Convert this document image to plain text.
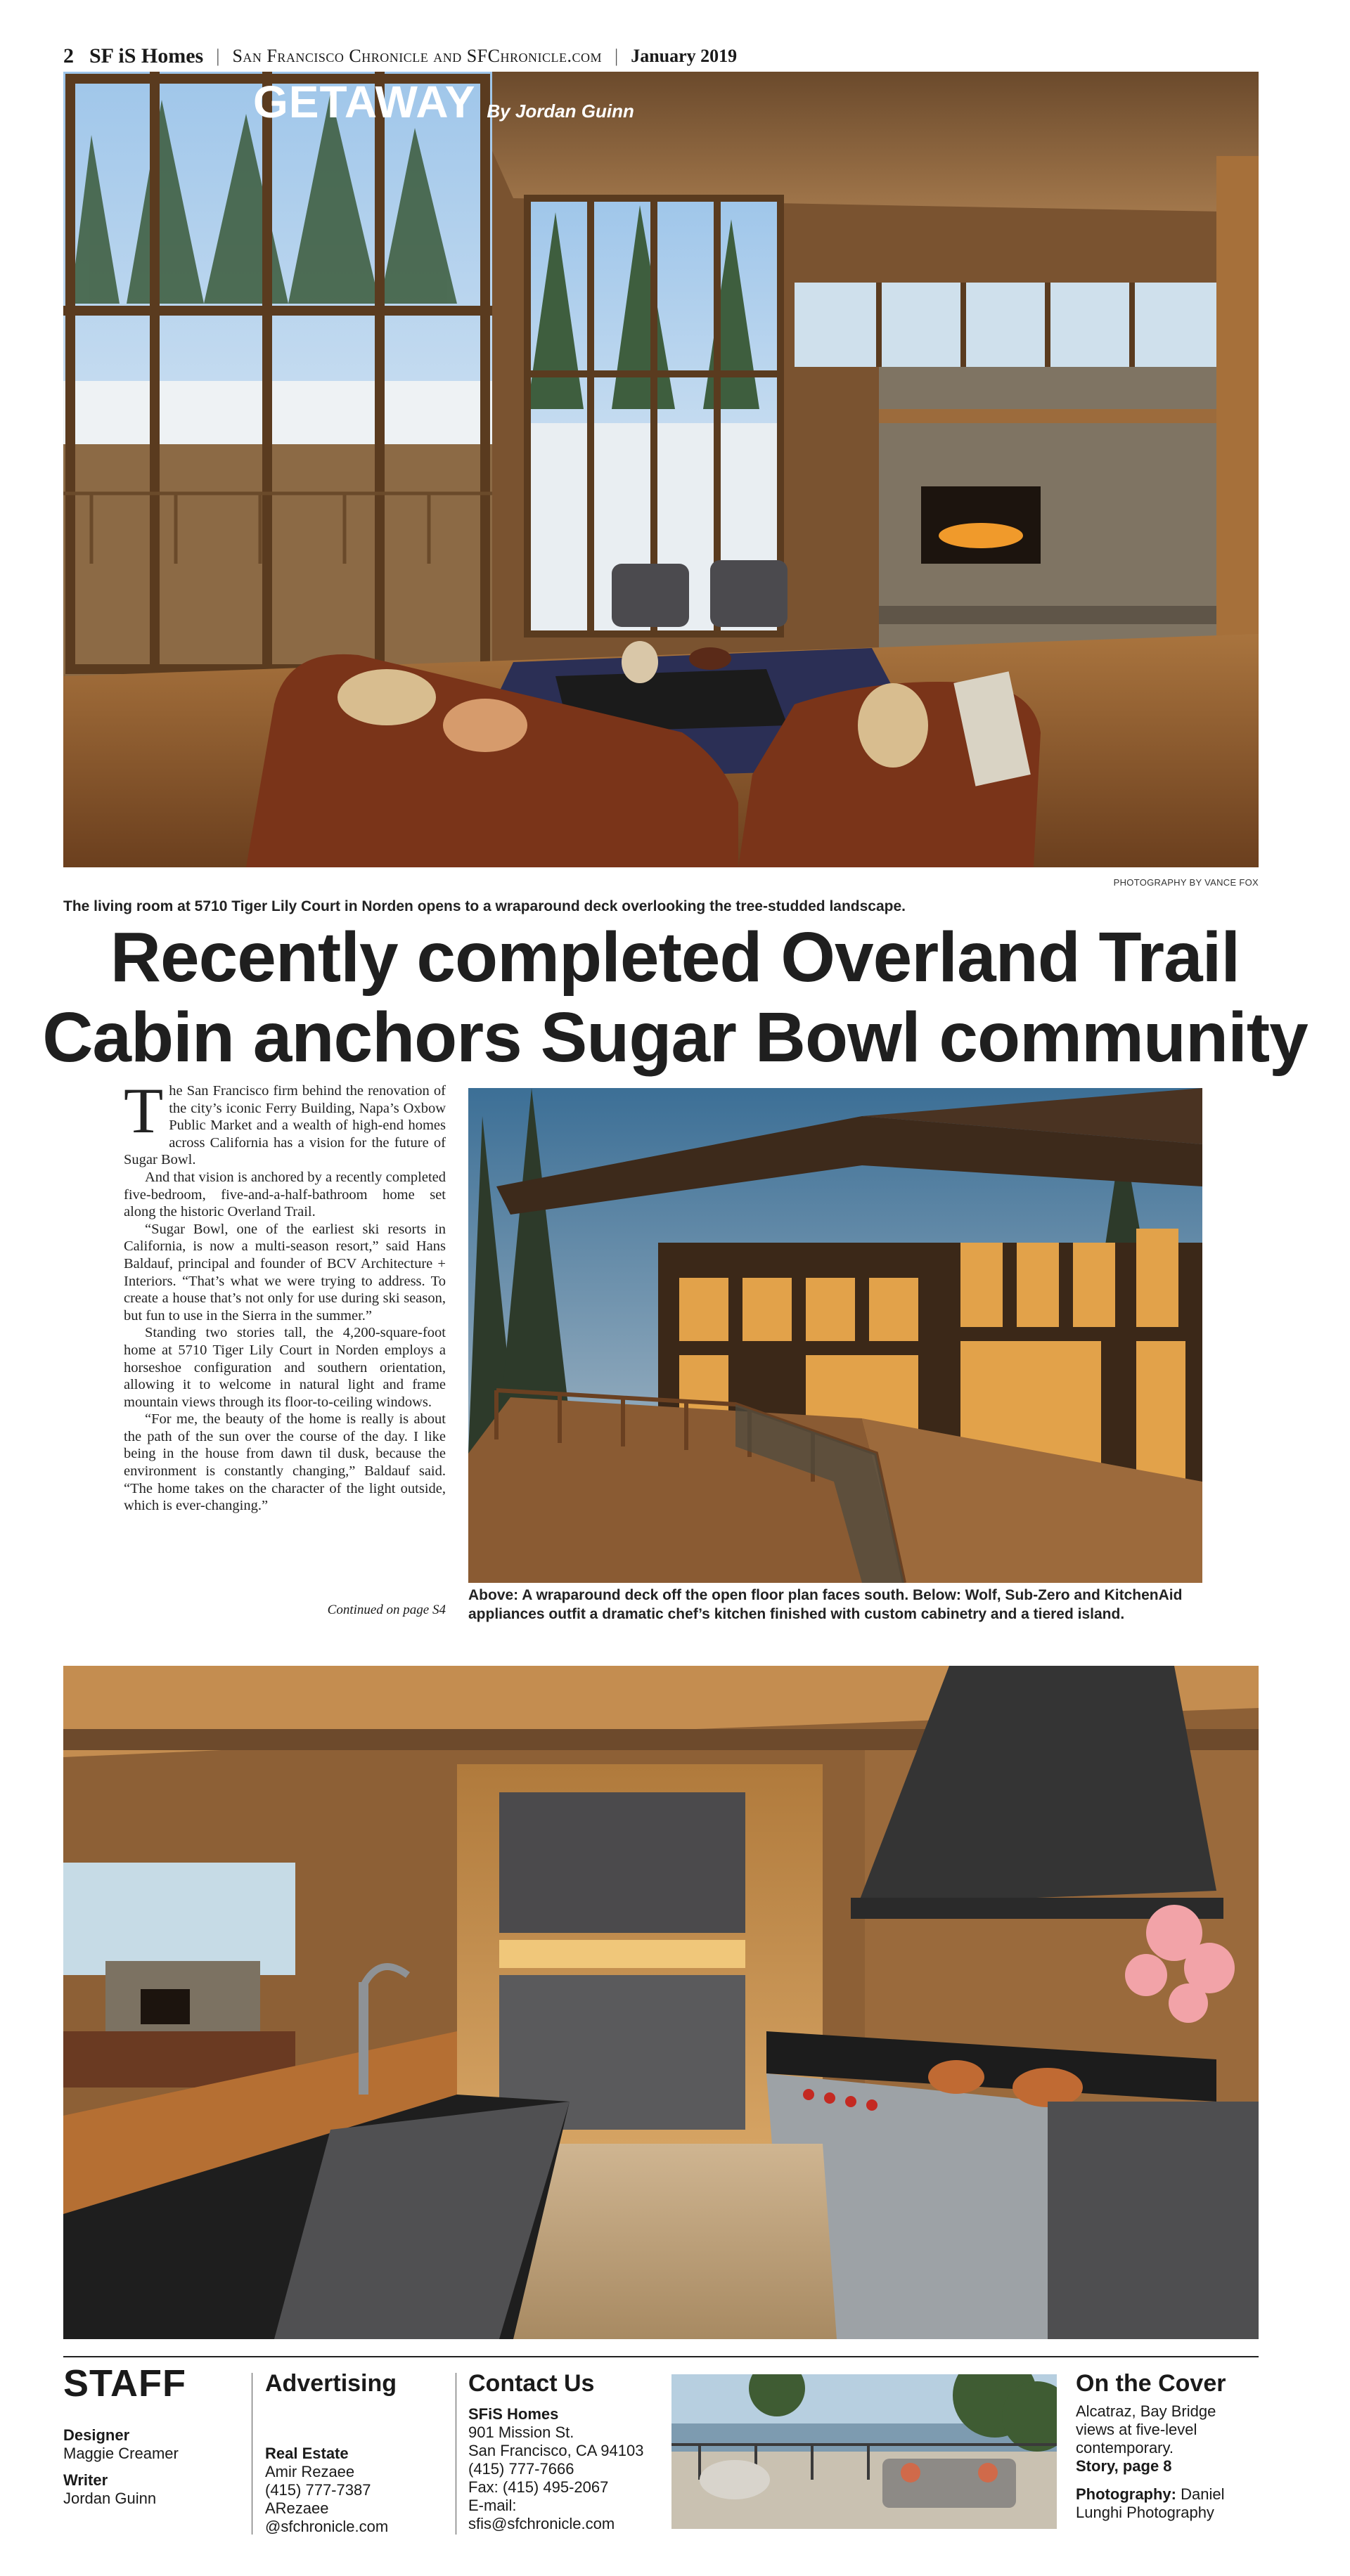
2 SF iS Homes | San Francisco Chronicle and SFChronicle.com | January 2019
GETAWAY By Jordan Guinn
PHOTOGRAPHY BY VANCE FOX
The living room at 5710 Tiger Lily Court in Norden opens to a wraparound deck overlooking the tree-studded landscape.
Recently completed Overland Trail
Cabin anchors Sugar Bowl community

The San Francisco firm behind the renovation of the city’s iconic Ferry Building, Napa’s Oxbow Public Market and a wealth of high-end homes across California has a vision for the future of Sugar Bowl.

And that vision is anchored by a recently completed five-bedroom, five-and-a-half-bathroom home set along the historic Overland Trail.

“Sugar Bowl, one of the earliest ski resorts in California, is now a multi-season resort,” said Hans Baldauf, principal and founder of BCV Architecture + Interiors. “That’s what we were trying to address. To create a house that’s not only for use during ski season, but fun to use in the Sierra in the summer.”

Standing two stories tall, the 4,200-square-foot home at 5710 Tiger Lily Court in Norden employs a horseshoe configuration and southern orientation, allowing it to welcome in natural light and frame mountain views through its floor-to-ceiling windows.

“For me, the beauty of the home is really is about the path of the sun over the course of the day. I like being in the house from dawn til dusk, because the environment is constantly changing,” Baldauf said. “The home takes on the character of the light outside, which is ever-changing.”

Continued on page S4
Above: A wraparound deck off the open floor plan faces south. Below: Wolf, Sub-Zero and KitchenAid appliances outfit a dramatic chef’s kitchen finished with custom cabinetry and a tiered island.
STAFF
Designer
Maggie Creamer
Writer
Jordan Guinn
Advertising
Real Estate
Amir Rezaee
(415) 777-7387
ARezaee
@sfchronicle.com
Contact Us
SFiS Homes
901 Mission St.
San Francisco, CA 94103
(415) 777-7666
Fax: (415) 495-2067
E-mail:
sfis@sfchronicle.com
On the Cover
Alcatraz, Bay Bridge
views at five-level
contemporary.
Story, page 8
Photography: Daniel
Lunghi Photography
